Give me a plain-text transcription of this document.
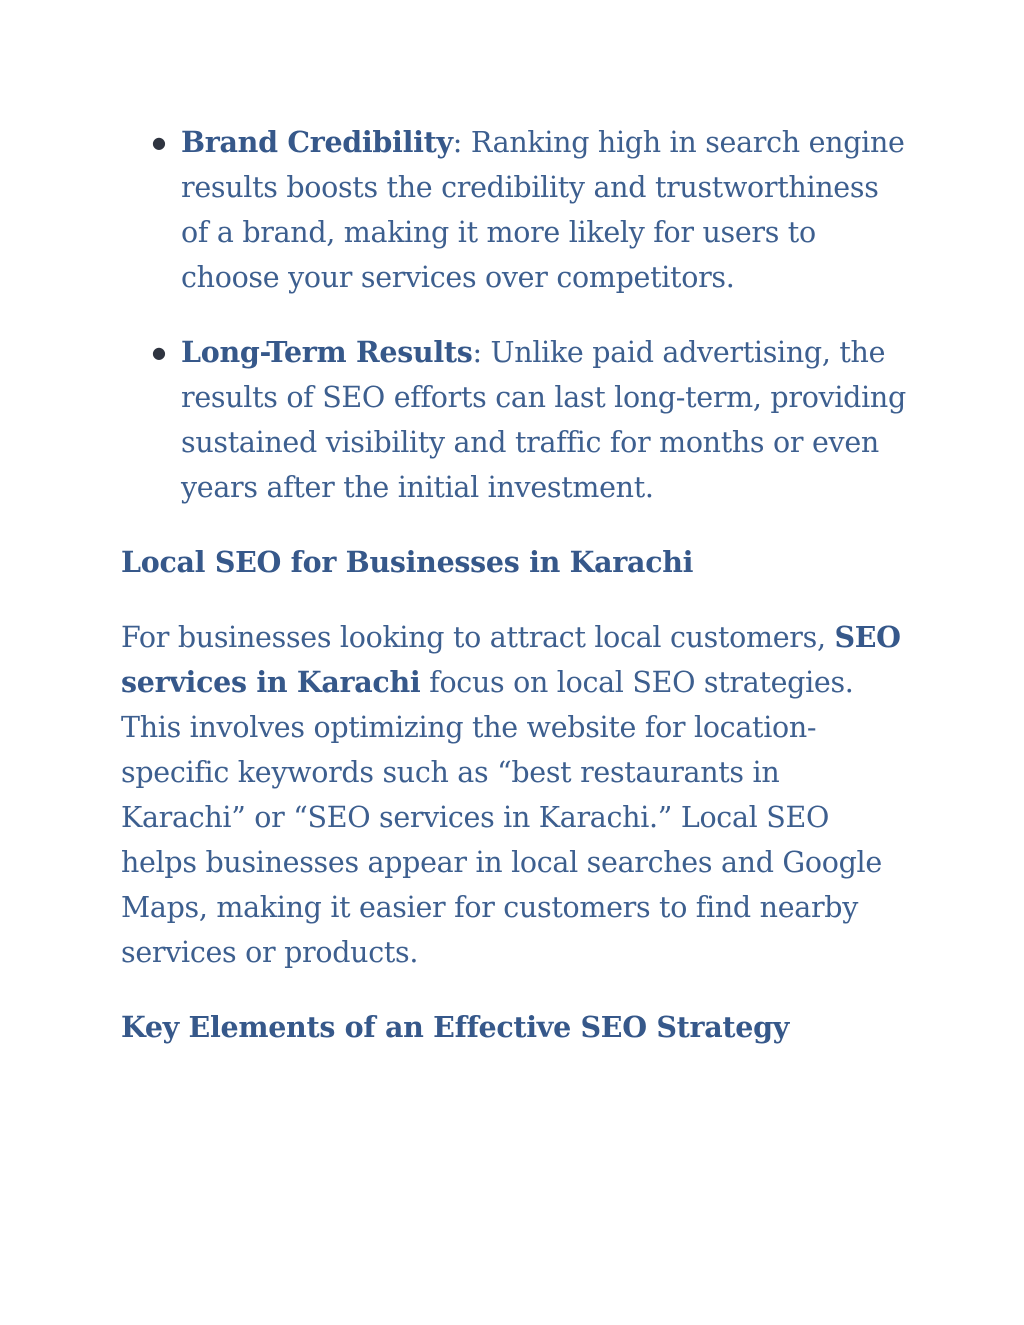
● Brand Credibility: Ranking high in search engine results boosts the credibility and trustworthiness of a brand, making it more likely for users to choose your services over competitors.
● Long-Term Results: Unlike paid advertising, the results of SEO efforts can last long-term, providing sustained visibility and traffic for months or even years after the initial investment.
Local SEO for Businesses in Karachi

For businesses looking to attract local customers, SEO services in Karachi focus on local SEO strategies. This involves optimizing the website for location-specific keywords such as “best restaurants in Karachi” or “SEO services in Karachi.” Local SEO helps businesses appear in local searches and Google Maps, making it easier for customers to find nearby services or products.

Key Elements of an Effective SEO Strategy
